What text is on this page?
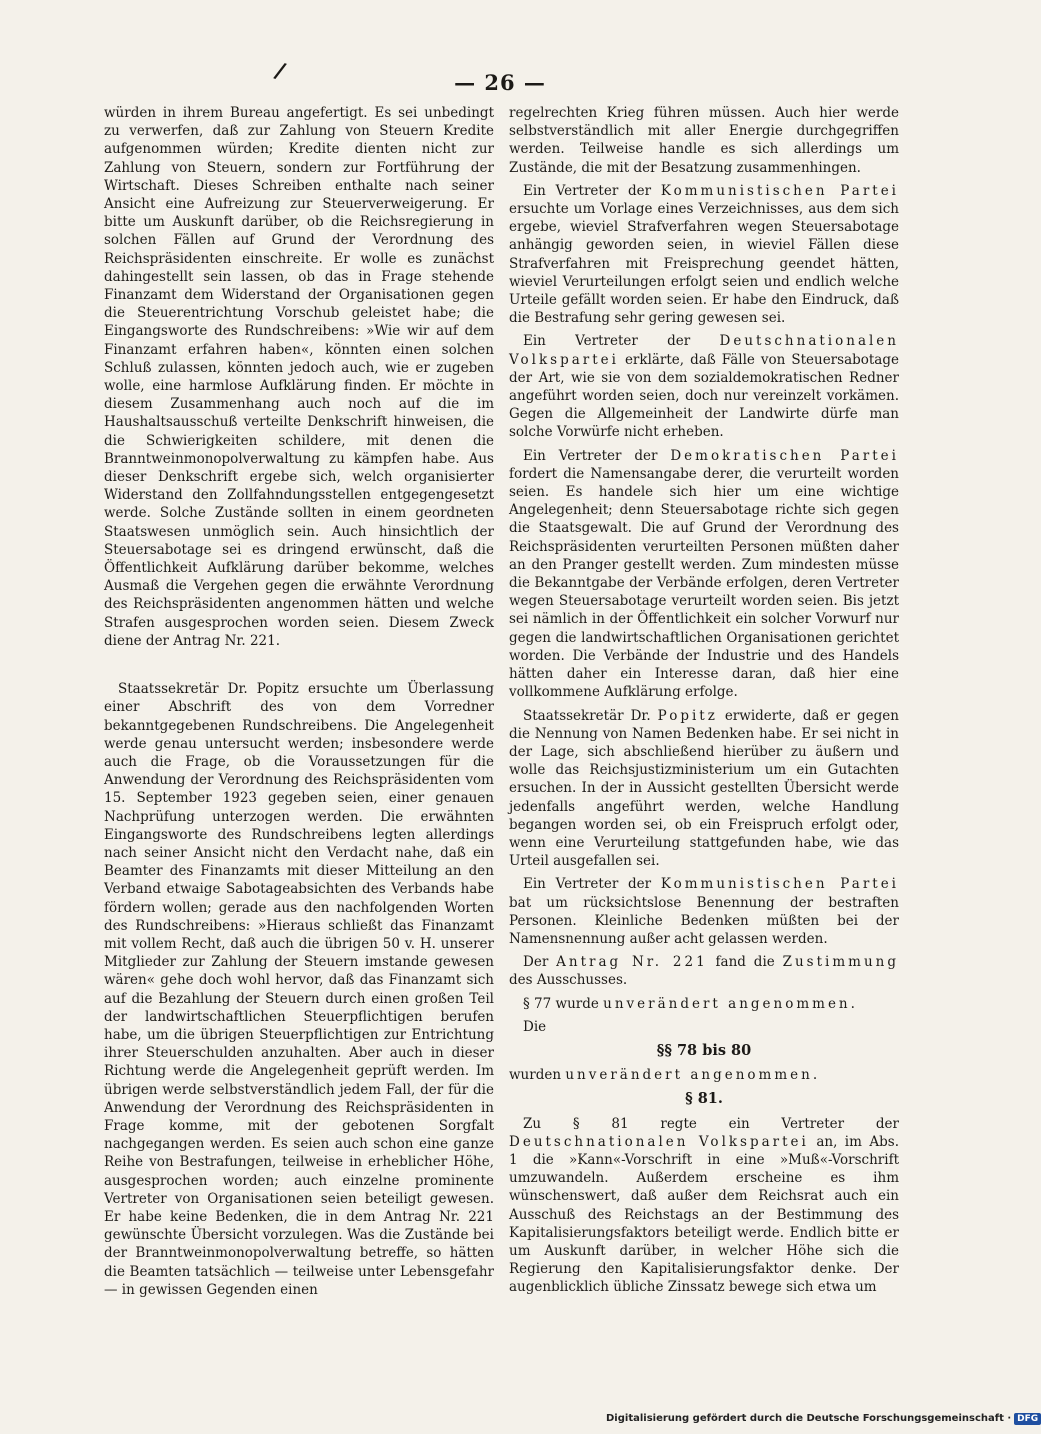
/	— 26 —

würden in ihrem Bureau angefertigt. Es sei unbedingt zu verwerfen, daß zur Zahlung von Steuern Kredite aufgenommen würden; Kredite dienten nicht zur Zahlung von Steuern, sondern zur Fortführung der Wirtschaft. Dieses Schreiben enthalte nach seiner Ansicht eine Aufreizung zur Steuerverweigerung. Er bitte um Auskunft darüber, ob die Reichsregierung in solchen Fällen auf Grund der Verordnung des Reichspräsidenten einschreite. Er wolle es zunächst dahingestellt sein lassen, ob das in Frage stehende Finanzamt dem Widerstand der Organisationen gegen die Steuerentrichtung Vorschub geleistet habe; die Eingangsworte des Rundschreibens: »Wie wir auf dem Finanzamt erfahren haben«, könnten einen solchen Schluß zulassen, könnten jedoch auch, wie er zugeben wolle, eine harmlose Aufklärung finden. Er möchte in diesem Zusammenhang auch noch auf die im Haushaltsausschuß verteilte Denkschrift hinweisen, die die Schwierigkeiten schildere, mit denen die Branntweinmonopolverwaltung zu kämpfen habe. Aus dieser Denkschrift ergebe sich, welch organisierter Widerstand den Zollfahndungsstellen entgegengesetzt werde. Solche Zustände sollten in einem geordneten Staatswesen unmöglich sein. Auch hinsichtlich der Steuersabotage sei es dringend erwünscht, daß die Öffentlichkeit Aufklärung darüber bekomme, welches Ausmaß die Vergehen gegen die erwähnte Verordnung des Reichspräsidenten angenommen hätten und welche Strafen ausgesprochen worden seien. Diesem Zweck diene der Antrag Nr. 221.

Staatssekretär Dr. Popitz ersuchte um Überlassung einer Abschrift des von dem Vorredner bekanntgegebenen Rundschreibens. Die Angelegenheit werde genau untersucht werden; insbesondere werde auch die Frage, ob die Voraussetzungen für die Anwendung der Verordnung des Reichspräsidenten vom 15. September 1923 gegeben seien, einer genauen Nachprüfung unterzogen werden. Die erwähnten Eingangsworte des Rundschreibens legten allerdings nach seiner Ansicht nicht den Verdacht nahe, daß ein Beamter des Finanzamts mit dieser Mitteilung an den Verband etwaige Sabotageabsichten des Verbands habe fördern wollen; gerade aus den nachfolgenden Worten des Rundschreibens: »Hieraus schließt das Finanzamt mit vollem Recht, daß auch die übrigen 50 v. H. unserer Mitglieder zur Zahlung der Steuern imstande gewesen wären« gehe doch wohl hervor, daß das Finanzamt sich auf die Bezahlung der Steuern durch einen großen Teil der landwirtschaftlichen Steuerpflichtigen berufen habe, um die übrigen Steuerpflichtigen zur Entrichtung ihrer Steuerschulden anzuhalten. Aber auch in dieser Richtung werde die Angelegenheit geprüft werden. Im übrigen werde selbstverständlich jedem Fall, der für die Anwendung der Verordnung des Reichspräsidenten in Frage komme, mit der gebotenen Sorgfalt nachgegangen werden. Es seien auch schon eine ganze Reihe von Bestrafungen, teilweise in erheblicher Höhe, ausgesprochen worden; auch einzelne prominente Vertreter von Organisationen seien beteiligt gewesen. Er habe keine Bedenken, die in dem Antrag Nr. 221 gewünschte Übersicht vorzulegen. Was die Zustände bei der Branntweinmonopolverwaltung betreffe, so hätten die Beamten tatsächlich — teilweise unter Lebensgefahr — in gewissen Gegenden einen

regelrechten Krieg führen müssen. Auch hier werde selbstverständlich mit aller Energie durchgegriffen werden. Teilweise handle es sich allerdings um Zustände, die mit der Besatzung zusammenhingen.

Ein Vertreter der Kommunistischen Partei ersuchte um Vorlage eines Verzeichnisses, aus dem sich ergebe, wieviel Strafverfahren wegen Steuersabotage anhängig geworden seien, in wieviel Fällen diese Strafverfahren mit Freisprechung geendet hätten, wieviel Verurteilungen erfolgt seien und endlich welche Urteile gefällt worden seien. Er habe den Eindruck, daß die Bestrafung sehr gering gewesen sei.

Ein Vertreter der Deutschnationalen Volkspartei erklärte, daß Fälle von Steuersabotage der Art, wie sie von dem sozialdemokratischen Redner angeführt worden seien, doch nur vereinzelt vorkämen. Gegen die Allgemeinheit der Landwirte dürfe man solche Vorwürfe nicht erheben.

Ein Vertreter der Demokratischen Partei fordert die Namensangabe derer, die verurteilt worden seien. Es handele sich hier um eine wichtige Angelegenheit; denn Steuersabotage richte sich gegen die Staatsgewalt. Die auf Grund der Verordnung des Reichspräsidenten verurteilten Personen müßten daher an den Pranger gestellt werden. Zum mindesten müsse die Bekanntgabe der Verbände erfolgen, deren Vertreter wegen Steuersabotage verurteilt worden seien. Bis jetzt sei nämlich in der Öffentlichkeit ein solcher Vorwurf nur gegen die landwirtschaftlichen Organisationen gerichtet worden. Die Verbände der Industrie und des Handels hätten daher ein Interesse daran, daß hier eine vollkommene Aufklärung erfolge.

Staatssekretär Dr. Popitz erwiderte, daß er gegen die Nennung von Namen Bedenken habe. Er sei nicht in der Lage, sich abschließend hierüber zu äußern und wolle das Reichsjustizministerium um ein Gutachten ersuchen. In der in Aussicht gestellten Übersicht werde jedenfalls angeführt werden, welche Handlung begangen worden sei, ob ein Freispruch erfolgt oder, wenn eine Verurteilung stattgefunden habe, wie das Urteil ausgefallen sei.

Ein Vertreter der Kommunistischen Partei bat um rücksichtslose Benennung der bestraften Personen. Kleinliche Bedenken müßten bei der Namensnennung außer acht gelassen werden.

Der Antrag Nr. 221 fand die Zustimmung des Ausschusses.

§ 77 wurde unverändert angenommen.

Die

§§ 78 bis 80

wurden unverändert angenommen.

§ 81.

Zu § 81 regte ein Vertreter der Deutschnationalen Volkspartei an, im Abs. 1 die »Kann«-Vorschrift in eine »Muß«-Vorschrift umzuwandeln. Außerdem erscheine es ihm wünschenswert, daß außer dem Reichsrat auch ein Ausschuß des Reichstags an der Bestimmung des Kapitalisierungsfaktors beteiligt werde. Endlich bitte er um Auskunft darüber, in welcher Höhe sich die Regierung den Kapitalisierungsfaktor denke. Der augenblicklich übliche Zinssatz bewege sich etwa um

Digitalisierung gefördert durch die Deutsche Forschungsgemeinschaft · DFG
